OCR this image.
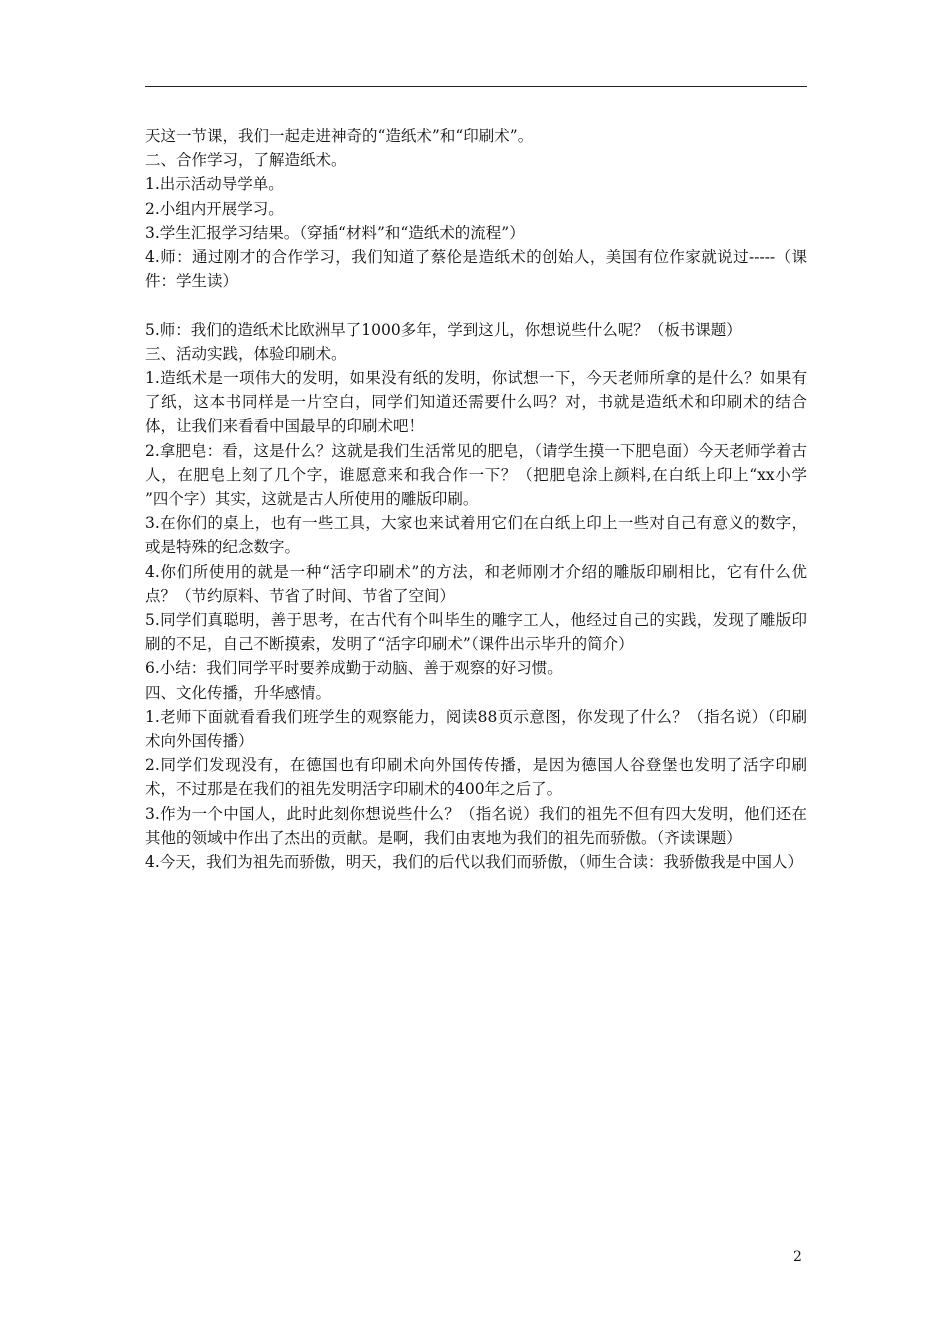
天这一节课，我们一起走进神奇的“造纸术”和“印刷术”。

二、合作学习，了解造纸术。

1.出示活动导学单。

2.小组内开展学习。

3.学生汇报学习结果。（穿插“材料”和“造纸术的流程”）

4.师：通过刚才的合作学习，我们知道了蔡伦是造纸术的创始人，美国有位作家就说过-----（课件：学生读）

5.师：我们的造纸术比欧洲早了1000多年，学到这儿，你想说些什么呢？（板书课题）

三、活动实践，体验印刷术。

1.造纸术是一项伟大的发明，如果没有纸的发明，你试想一下，今天老师所拿的是什么？如果有了纸，这本书同样是一片空白，同学们知道还需要什么吗？对，书就是造纸术和印刷术的结合体，让我们来看看中国最早的印刷术吧！

2.拿肥皂：看，这是什么？这就是我们生活常见的肥皂，（请学生摸一下肥皂面）今天老师学着古人，在肥皂上刻了几个字，谁愿意来和我合作一下？（把肥皂涂上颜料,在白纸上印上“xx小学 ”四个字）其实，这就是古人所使用的雕版印刷。

3.在你们的桌上，也有一些工具，大家也来试着用它们在白纸上印上一些对自己有意义的数字，或是特殊的纪念数字。

4.你们所使用的就是一种“活字印刷术”的方法，和老师刚才介绍的雕版印刷相比，它有什么优点？（节约原料、节省了时间、节省了空间）

5.同学们真聪明，善于思考，在古代有个叫毕生的雕字工人，他经过自己的实践，发现了雕版印刷的不足，自己不断摸索，发明了“活字印刷术”（课件出示毕升的简介）

6.小结：我们同学平时要养成勤于动脑、善于观察的好习惯。

四、文化传播，升华感情。

1.老师下面就看看我们班学生的观察能力，阅读88页示意图，你发现了什么？（指名说）（印刷术向外国传播）

2.同学们发现没有，在德国也有印刷术向外国传传播，是因为德国人谷登堡也发明了活字印刷术，不过那是在我们的祖先发明活字印刷术的400年之后了。

3.作为一个中国人，此时此刻你想说些什么？（指名说）我们的祖先不但有四大发明，他们还在其他的领域中作出了杰出的贡献。是啊，我们由衷地为我们的祖先而骄傲。（齐读课题）

4.今天，我们为祖先而骄傲，明天，我们的后代以我们而骄傲，（师生合读：我骄傲我是中国人）

2
